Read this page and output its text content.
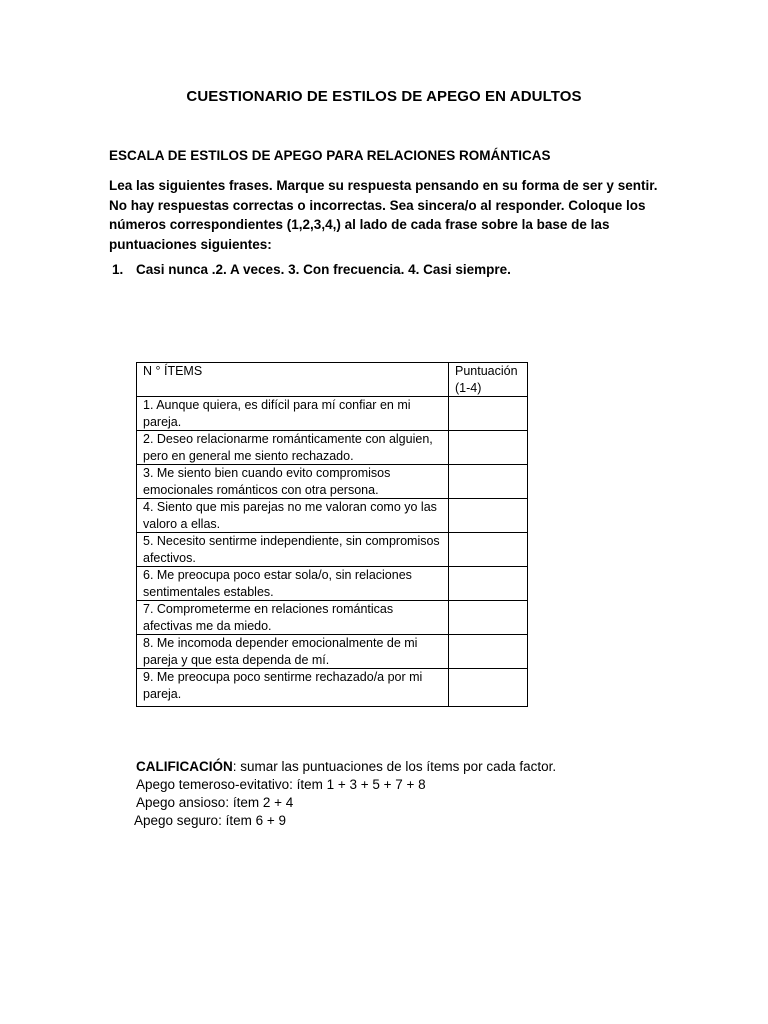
CUESTIONARIO DE ESTILOS DE APEGO EN ADULTOS
ESCALA DE ESTILOS DE APEGO PARA RELACIONES ROMÁNTICAS
Lea las siguientes frases. Marque su respuesta pensando en su forma de ser y sentir. No hay respuestas correctas o incorrectas. Sea sincera/o al responder. Coloque los números correspondientes (1,2,3,4,) al lado de cada frase sobre la base de las puntuaciones siguientes:
1. Casi nunca .2. A veces. 3. Con frecuencia. 4. Casi siempre.
N ° ÍTEMS	Puntuación (1-4)
1. Aunque quiera, es difícil para mí confiar en mi pareja.	
2. Deseo relacionarme románticamente con alguien, pero en general me siento rechazado.	
3. Me siento bien cuando evito compromisos emocionales románticos con otra persona.	
4. Siento que mis parejas no me valoran como yo las valoro a ellas.	
5. Necesito sentirme independiente, sin compromisos afectivos.	
6. Me preocupa poco estar sola/o, sin relaciones sentimentales estables.	
7. Comprometerme en relaciones románticas afectivas me da miedo.	
8. Me incomoda depender emocionalmente de mi pareja y que esta dependa de mí.	
9. Me preocupa poco sentirme rechazado/a por mi pareja.	
CALIFICACIÓN: sumar las puntuaciones de los ítems por cada factor.
Apego temeroso-evitativo: ítem 1 + 3 + 5 + 7 + 8
Apego ansioso: ítem 2 + 4
Apego seguro: ítem 6 + 9
